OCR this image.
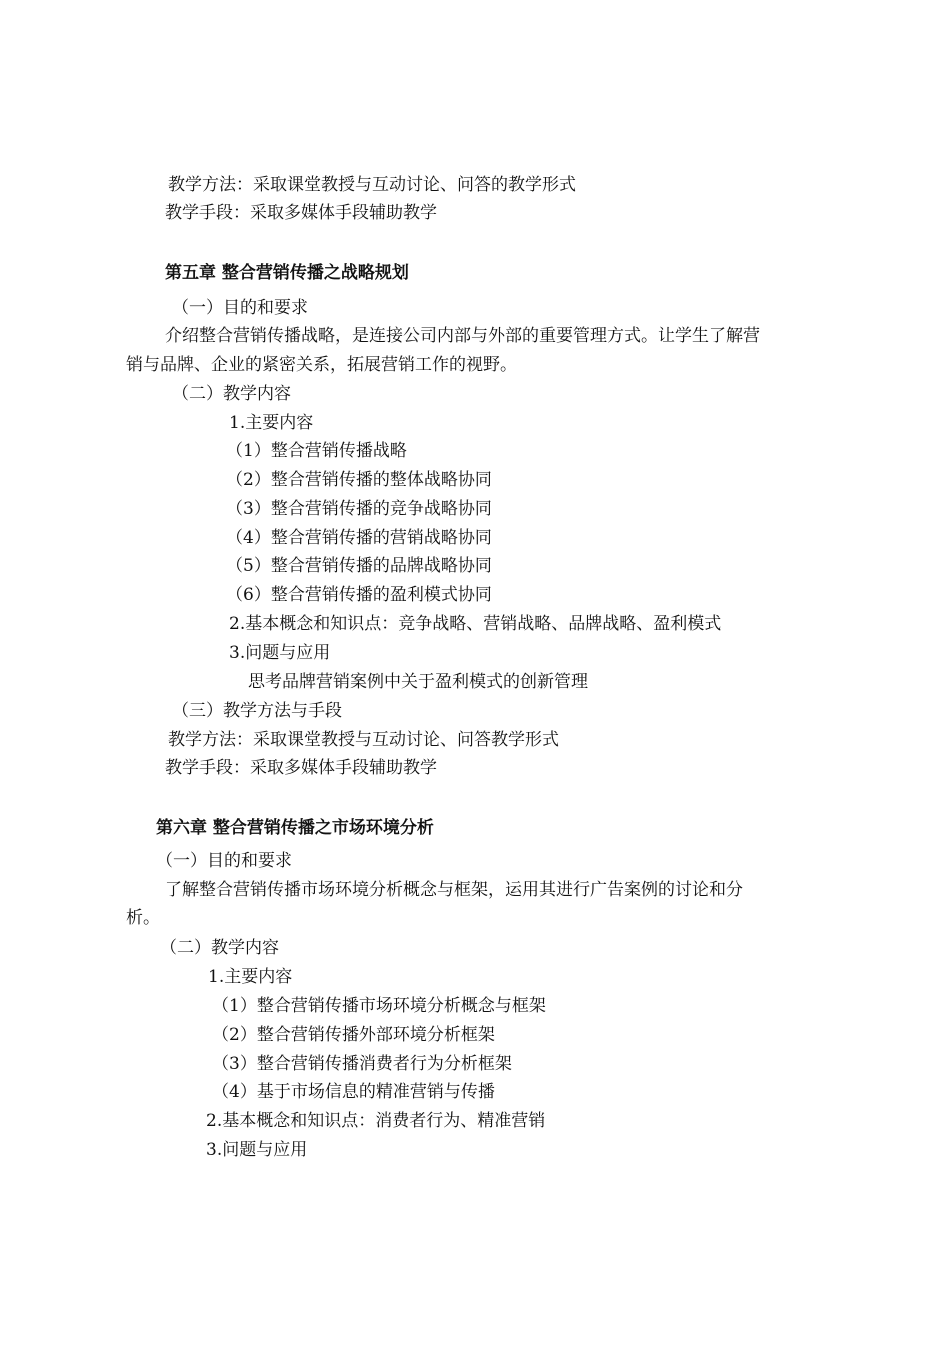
教学方法：采取课堂教授与互动讨论、问答的教学形式
教学手段：采取多媒体手段辅助教学
第五章 整合营销传播之战略规划
（一）目的和要求
介绍整合营销传播战略，是连接公司内部与外部的重要管理方式。让学生了解营
销与品牌、企业的紧密关系，拓展营销工作的视野。
（二）教学内容
1.主要内容
（1）整合营销传播战略
（2）整合营销传播的整体战略协同
（3）整合营销传播的竞争战略协同
（4）整合营销传播的营销战略协同
（5）整合营销传播的品牌战略协同
（6）整合营销传播的盈利模式协同
2.基本概念和知识点：竞争战略、营销战略、品牌战略、盈利模式
3.问题与应用
思考品牌营销案例中关于盈利模式的创新管理
（三）教学方法与手段
教学方法：采取课堂教授与互动讨论、问答教学形式
教学手段：采取多媒体手段辅助教学
第六章 整合营销传播之市场环境分析
（一）目的和要求
了解整合营销传播市场环境分析概念与框架，运用其进行广告案例的讨论和分
析。
（二）教学内容
1.主要内容
（1）整合营销传播市场环境分析概念与框架
（2）整合营销传播外部环境分析框架
（3）整合营销传播消费者行为分析框架
（4）基于市场信息的精准营销与传播
2.基本概念和知识点：消费者行为、精准营销
3.问题与应用
